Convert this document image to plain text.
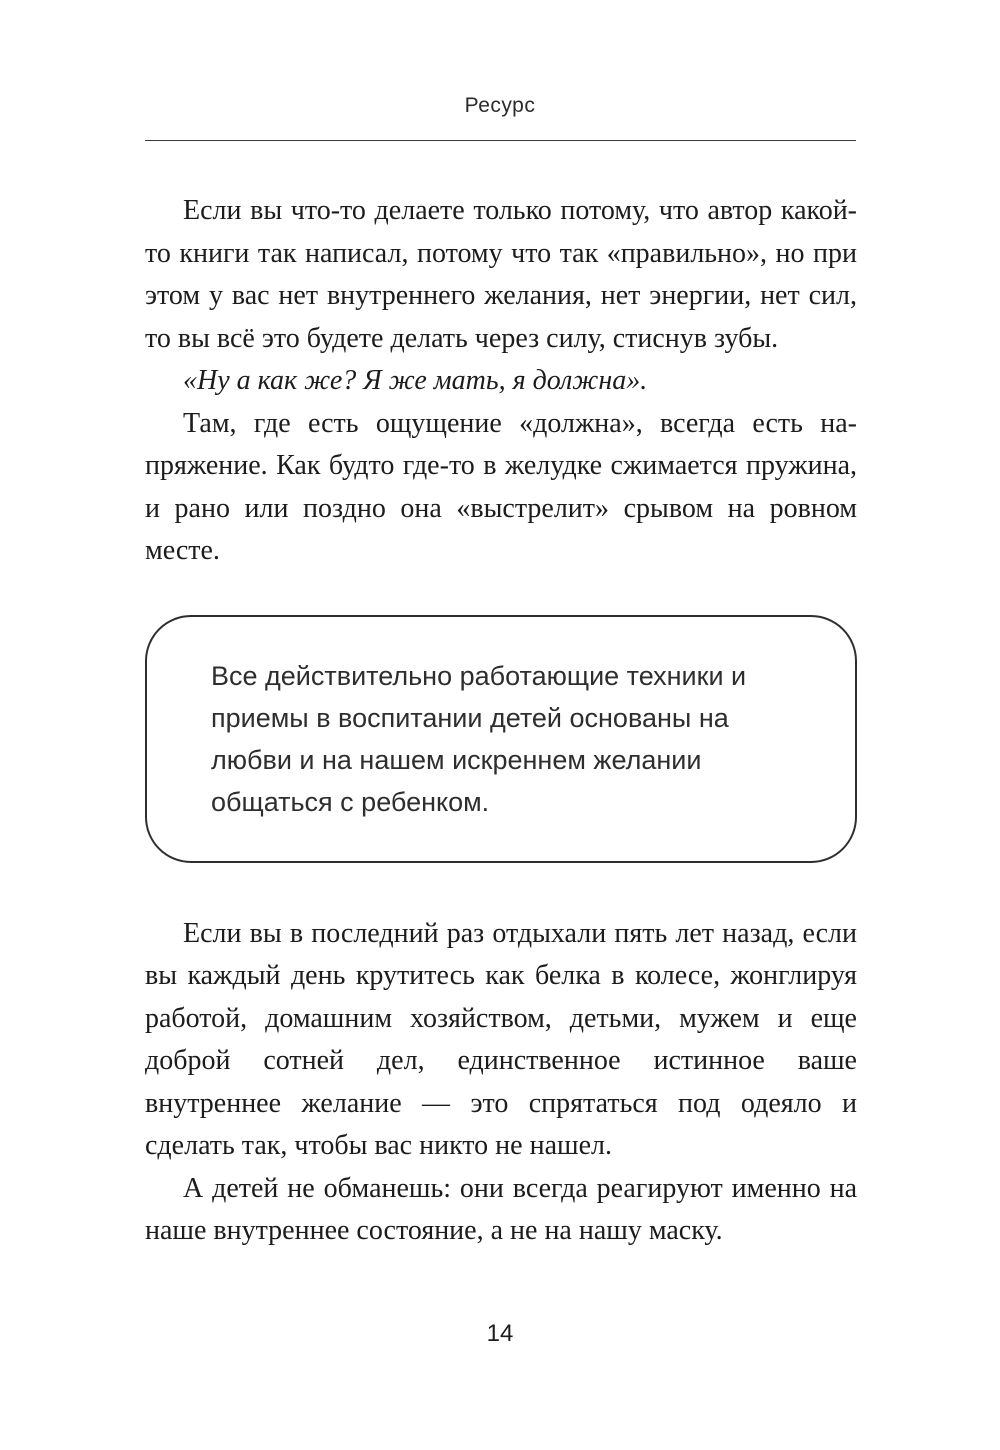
Ресурс

Если вы что-то делаете только потому, что автор какой-то книги так написал, потому что так «правильно», но при этом у вас нет внутреннего желания, нет энергии, нет сил, то вы всё это будете делать через силу, стиснув зубы.

«Ну а как же? Я же мать, я должна».

Там, где есть ощущение «должна», всегда есть напряжение. Как будто где-то в желудке сжимается пружина, и рано или поздно она «выстрелит» срывом на ровном месте.

Все действительно работающие техники и приемы в воспитании детей основаны на любви и на нашем искреннем желании общаться с ребенком.

Если вы в последний раз отдыхали пять лет назад, если вы каждый день крутитесь как белка в колесе, жонглируя работой, домашним хозяйством, детьми, мужем и еще доброй сотней дел, единственное истинное ваше внутреннее желание — это спрятаться под одеяло и сделать так, чтобы вас никто не нашел.

А детей не обманешь: они всегда реагируют именно на наше внутреннее состояние, а не на нашу маску.

14
